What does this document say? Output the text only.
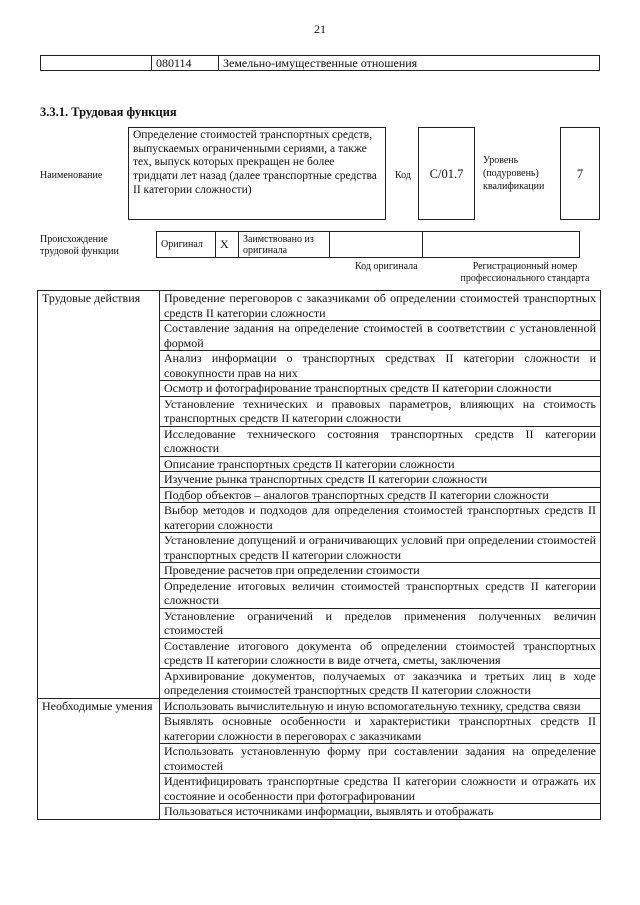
21
	080114	Земельно-имущественные отношения
3.3.1. Трудовая функция
Наименование
Определение стоимостей транспортных средств, выпускаемых ограниченными сериями, а также тех, выпуск которых прекращен не более тридцати лет назад (далее транспортные средства II категории сложности)
Код	C/01.7
Уровень (подуровень) квалификации
7
Происхождение трудовой функции
Оригинал	X	Заимствовано из оригинала		
Код оригинала	Регистрационный номер профессионального стандарта
Трудовые действия	Проведение переговоров с заказчиками об определении стоимостей транспортных средств II категории сложности
	Составление задания на определение стоимостей в соответствии с установленной формой
	Анализ информации о транспортных средствах II категории сложности и совокупности прав на них
	Осмотр и фотографирование транспортных средств II категории сложности
	Установление технических и правовых параметров, влияющих на стоимость транспортных средств II категории сложности
	Исследование технического состояния транспортных средств II категории сложности
	Описание транспортных средств II категории сложности
	Изучение рынка транспортных средств II категории сложности
	Подбор объектов – аналогов транспортных средств II категории сложности
	Выбор методов и подходов для определения стоимостей транспортных средств II категории сложности
	Установление допущений и ограничивающих условий при определении стоимостей транспортных средств II категории сложности
	Проведение расчетов при определении стоимости
	Определение итоговых величин стоимостей транспортных средств II категории сложности
	Установление ограничений и пределов применения полученных величин стоимостей
	Составление итогового документа об определении стоимостей транспортных средств II категории сложности в виде отчета, сметы, заключения
	Архивирование документов, получаемых от заказчика и третьих лиц в ходе определения стоимостей транспортных средств II категории сложности
Необходимые умения	Использовать вычислительную и иную вспомогательную технику, средства связи
	Выявлять основные особенности и характеристики транспортных средств II категории сложности в переговорах с заказчиками
	Использовать установленную форму при составлении задания на определение стоимостей
	Идентифицировать транспортные средства II категории сложности и отражать их состояние и особенности при фотографировании
	Пользоваться источниками информации, выявлять и отображать
